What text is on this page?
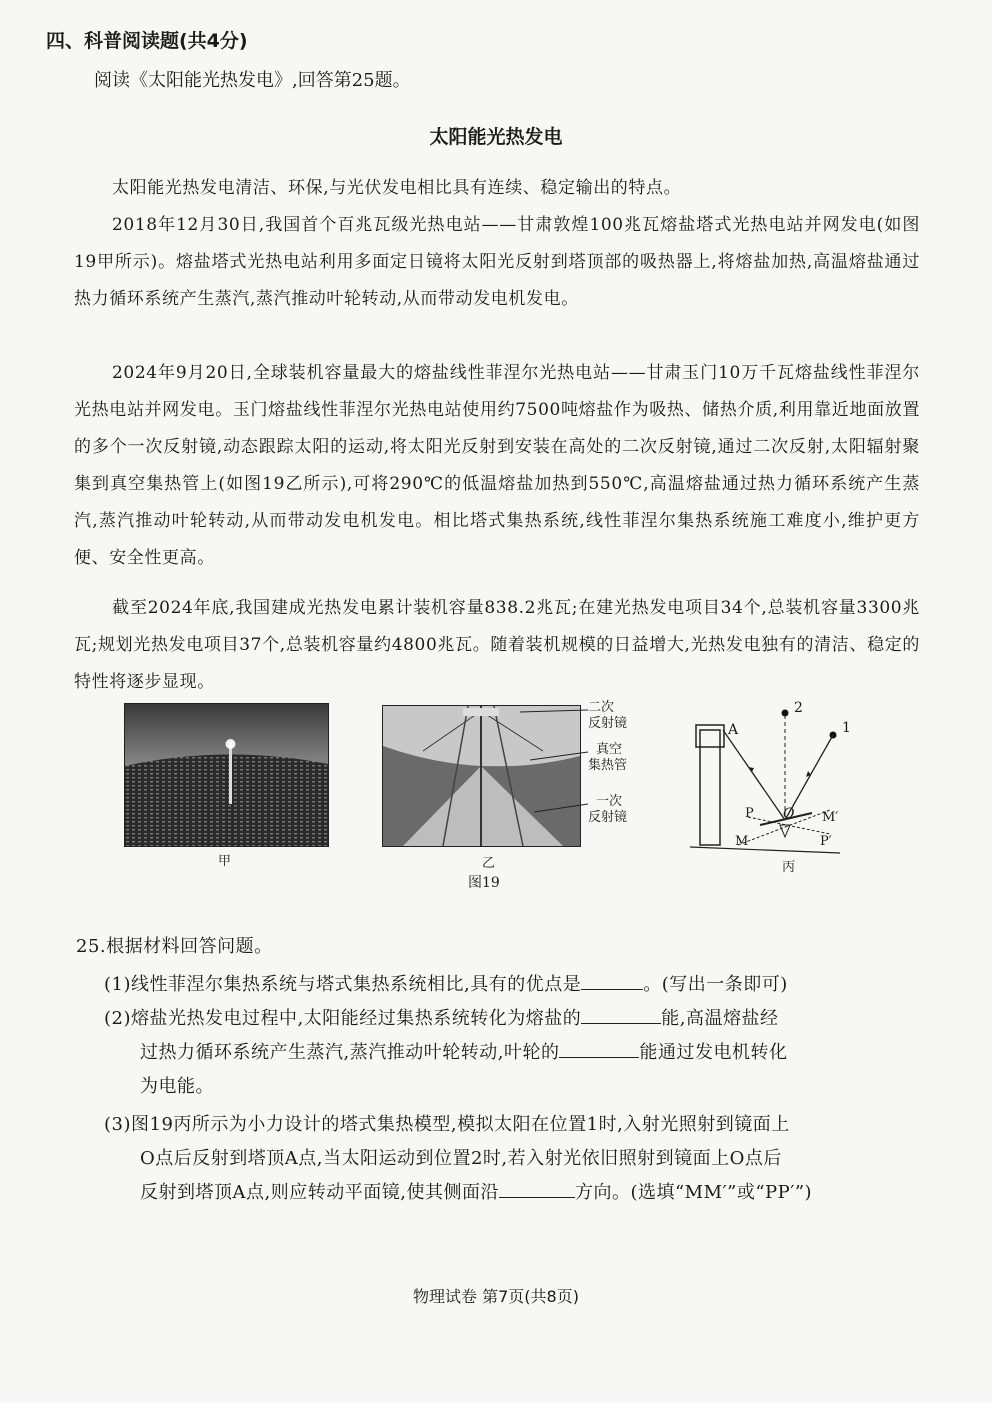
四、科普阅读题(共4分)
阅读《太阳能光热发电》,回答第25题。
太阳能光热发电
太阳能光热发电清洁、环保,与光伏发电相比具有连续、稳定输出的特点。
2018年12月30日,我国首个百兆瓦级光热电站——甘肃敦煌100兆瓦熔盐塔式光热电站并网发电(如图19甲所示)。熔盐塔式光热电站利用多面定日镜将太阳光反射到塔顶部的吸热器上,将熔盐加热,高温熔盐通过热力循环系统产生蒸汽,蒸汽推动叶轮转动,从而带动发电机发电。
2024年9月20日,全球装机容量最大的熔盐线性菲涅尔光热电站——甘肃玉门10万千瓦熔盐线性菲涅尔光热电站并网发电。玉门熔盐线性菲涅尔光热电站使用约7500吨熔盐作为吸热、储热介质,利用靠近地面放置的多个一次反射镜,动态跟踪太阳的运动,将太阳光反射到安装在高处的二次反射镜,通过二次反射,太阳辐射聚集到真空集热管上(如图19乙所示),可将290℃的低温熔盐加热到550℃,高温熔盐通过热力循环系统产生蒸汽,蒸汽推动叶轮转动,从而带动发电机发电。相比塔式集热系统,线性菲涅尔集热系统施工难度小,维护更方便、安全性更高。
截至2024年底,我国建成光热发电累计装机容量838.2兆瓦;在建光热发电项目34个,总装机容量3300兆瓦;规划光热发电项目37个,总装机容量约4800兆瓦。随着装机规模的日益增大,光热发电独有的清洁、稳定的特性将逐步显现。
甲
二次
反射镜
真空
集热管
一次
反射镜
乙
图19
A
2
1
O
P	M′
M	P′
丙
25.根据材料回答问题。
(1)线性菲涅尔集热系统与塔式集热系统相比,具有的优点是	。(写出一条即可)
(2)熔盐光热发电过程中,太阳能经过集热系统转化为熔盐的	能,高温熔盐经
过热力循环系统产生蒸汽,蒸汽推动叶轮转动,叶轮的	能通过发电机转化
为电能。
(3)图19丙所示为小力设计的塔式集热模型,模拟太阳在位置1时,入射光照射到镜面上
O点后反射到塔顶A点,当太阳运动到位置2时,若入射光依旧照射到镜面上O点后
反射到塔顶A点,则应转动平面镜,使其侧面沿	方向。(选填“MM′”或“PP′”)
物理试卷 第7页(共8页)
